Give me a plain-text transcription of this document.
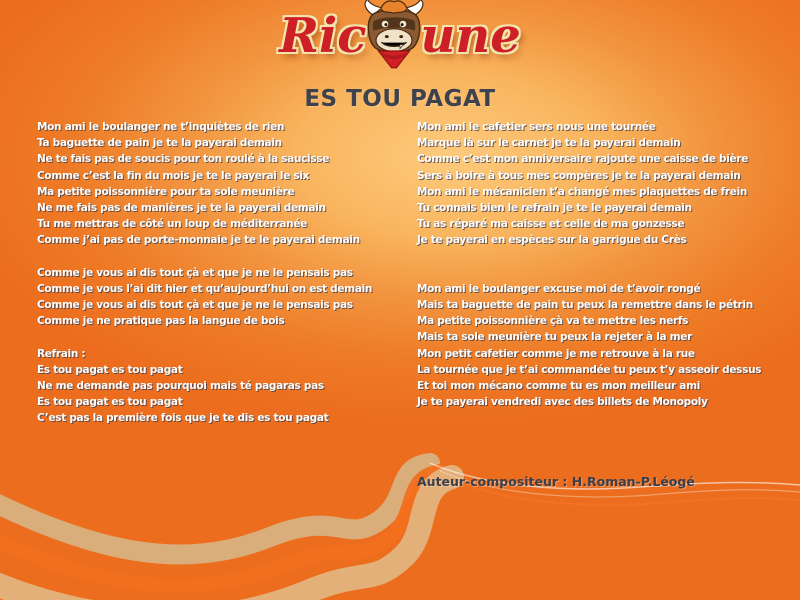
Ric une
ES TOU PAGAT
Mon ami le boulanger ne t’inquiètes de rien
Ta baguette de pain je te la payerai demain
Ne te fais pas de soucis pour ton roulé à la saucisse
Comme c’est la fin du mois je te le payerai le six
Ma petite poissonnière pour ta sole meunière
Ne me fais pas de manières je te la payerai demain
Tu me mettras de côté un loup de méditerranée
Comme j’ai pas de porte-monnaie je te le payerai demain
Comme je vous ai dis tout çà et que je ne le pensais pas
Comme je vous l’ai dit hier et qu’aujourd’hui on est demain
Comme je vous ai dis tout çà et que je ne le pensais pas
Comme je ne pratique pas la langue de bois
Refrain :
Es tou pagat es tou pagat
Ne me demande pas pourquoi mais té pagaras pas
Es tou pagat es tou pagat
C’est pas la première fois que je te dis es tou pagat
Mon ami le cafetier sers nous une tournée
Marque là sur le carnet je te la payerai demain
Comme c’est mon anniversaire rajoute une caisse de bière
Sers à boire à tous mes compères je te la payerai demain
Mon ami le mécanicien t’a changé mes plaquettes de frein
Tu connais bien le refrain je te le payerai demain
Tu as réparé ma caisse et celle de ma gonzesse
Je te payerai en espèces sur la garrigue du Crès
Mon ami le boulanger excuse moi de t’avoir rongé
Mais ta baguette de pain tu peux la remettre dans le pétrin
Ma petite poissonnière çà va te mettre les nerfs
Mais ta sole meunière tu peux la rejeter à la mer
Mon petit cafetier comme je me retrouve à la rue
La tournée que je t’ai commandée tu peux t’y asseoir dessus
Et toi mon mécano comme tu es mon meilleur ami
Je te payerai vendredi avec des billets de Monopoly
Auteur-compositeur : H.Roman-P.Léogé
